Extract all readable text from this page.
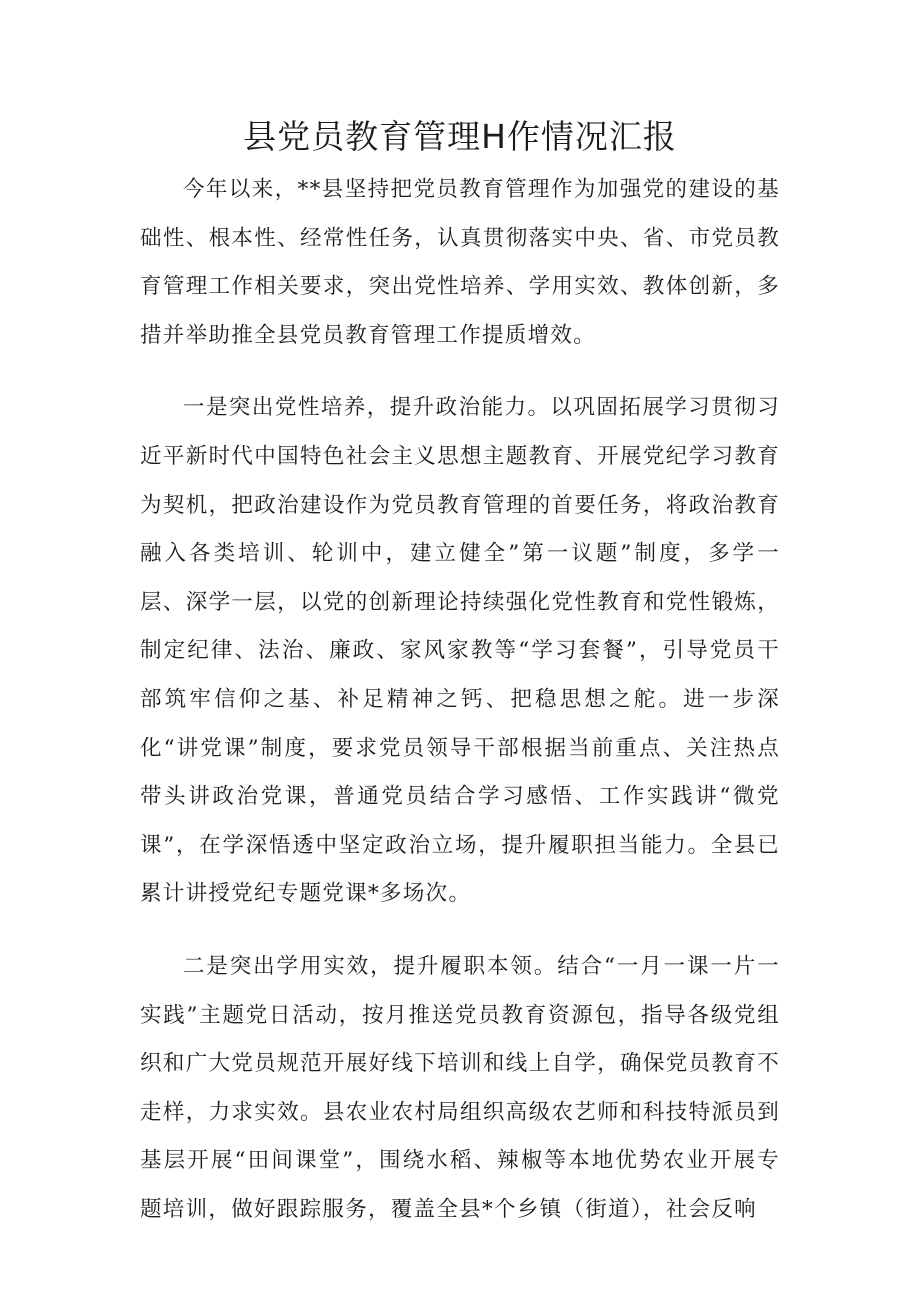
县党员教育管理H作情况汇报

今年以来，**县坚持把党员教育管理作为加强党的建设的基础性、根本性、经常性任务，认真贯彻落实中央、省、市党员教育管理工作相关要求，突出党性培养、学用实效、教体创新，多措并举助推全县党员教育管理工作提质增效。

一是突出党性培养，提升政治能力。以巩固拓展学习贯彻习近平新时代中国特色社会主义思想主题教育、开展党纪学习教育为契机，把政治建设作为党员教育管理的首要任务，将政治教育融入各类培训、轮训中，建立健全”第一议题”制度，多学一层、深学一层，以党的创新理论持续强化党性教育和党性锻炼，制定纪律、法治、廉政、家风家教等“学习套餐”，引导党员干部筑牢信仰之基、补足精神之钙、把稳思想之舵。进一步深化“讲党课”制度，要求党员领导干部根据当前重点、关注热点带头讲政治党课，普通党员结合学习感悟、工作实践讲“微党课”，在学深悟透中坚定政治立场，提升履职担当能力。全县已累计讲授党纪专题党课*多场次。

二是突出学用实效，提升履职本领。结合“一月一课一片一实践”主题党日活动，按月推送党员教育资源包，指导各级党组织和广大党员规范开展好线下培训和线上自学，确保党员教育不走样，力求实效。县农业农村局组织高级农艺师和科技特派员到基层开展“田间课堂”，围绕水稻、辣椒等本地优势农业开展专题培训，做好跟踪服务，覆盖全县*个乡镇（街道），社会反响
